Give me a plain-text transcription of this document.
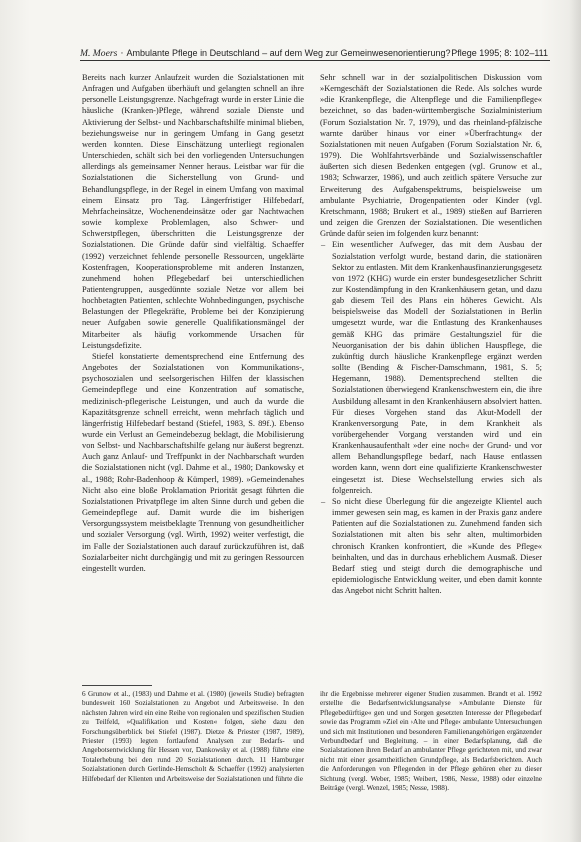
M. Moers · Ambulante Pflege in Deutschland – auf dem Weg zur Gemeinwesenorientierung? Pflege 1995; 8: 102–111

Bereits nach kurzer Anlaufzeit wurden die Sozialstationen mit Anfragen und Aufgaben überhäuft und gelangten schnell an ihre personelle Leistungsgrenze. Nachgefragt wurde in erster Linie die häusliche (Kranken-)Pflege, während soziale Dienste und Aktivierung der Selbst- und Nachbarschaftshilfe minimal blieben, beziehungsweise nur in geringem Umfang in Gang gesetzt werden konnten. Diese Einschätzung unterliegt regionalen Unterschieden, schält sich bei den vorliegenden Untersuchungen allerdings als gemeinsamer Nenner heraus. Leistbar war für die Sozialstationen die Sicherstellung von Grund- und Behandlungspflege, in der Regel in einem Umfang von maximal einem Einsatz pro Tag. Längerfristiger Hilfebedarf, Mehrfacheinsätze, Wochenendeinsätze oder gar Nachtwachen sowie komplexe Problemlagen, also Schwer- und Schwerstpflegen, überschritten die Leistungsgrenze der Sozialstationen. Die Gründe dafür sind vielfältig. Schaeffer (1992) verzeichnet fehlende personelle Ressourcen, ungeklärte Kostenfragen, Kooperationsprobleme mit anderen Instanzen, zunehmend hohen Pflegebedarf bei unterschiedlichen Patientengruppen, ausgedünnte soziale Netze vor allem bei hochbetagten Patienten, schlechte Wohnbedingungen, psychische Belastungen der Pflegekräfte, Probleme bei der Konzipierung neuer Aufgaben sowie generelle Qualifikationsmängel der Mitarbeiter als häufig vorkommende Ursachen für Leistungsdefizite.

Stiefel konstatierte dementsprechend eine Entfernung des Angebotes der Sozialstationen von Kommunikations-, psychosozialen und seelsorgerischen Hilfen der klassischen Gemeindepflege und eine Konzentration auf somatische, medizinisch-pflegerische Leistungen, und auch da wurde die Kapazitätsgrenze schnell erreicht, wenn mehrfach täglich und längerfristig Hilfebedarf bestand (Stiefel, 1983, S. 89f.). Ebenso wurde ein Verlust an Gemeindebezug beklagt, die Mobilisierung von Selbst- und Nachbarschaftshilfe gelang nur äußerst begrenzt. Auch ganz Anlauf- und Treffpunkt in der Nachbarschaft wurden die Sozialstationen nicht (vgl. Dahme et al., 1980; Dankowsky et al., 1988; Rohr-Badenhoop & Kümperl, 1989). »Gemeindenahes Nicht also eine bloße Proklamation Priorität gesagt führten die Sozialstationen Privatpflege im alten Sinne durch und geben die Gemeindepflege auf. Damit wurde die im bisherigen Versorgungssystem meistbeklagte Trennung von gesundheitlicher und sozialer Versorgung (vgl. Wirth, 1992) weiter verfestigt, die im Falle der Sozialstationen auch darauf zurückzuführen ist, daß Sozialarbeiter nicht durchgängig und mit zu geringen Ressourcen eingestellt wurden.

Sehr schnell war in der sozialpolitischen Diskussion vom »Kerngeschäft der Sozialstationen die Rede. Als solches wurde »die Krankenpflege, die Altenpflege und die Familienpflege« bezeichnet, so das baden-württembergische Sozialministerium (Forum Sozialstation Nr. 7, 1979), und das rheinland-pfälzische warnte darüber hinaus vor einer »Überfrachtung« der Sozialstationen mit neuen Aufgaben (Forum Sozialstation Nr. 6, 1979). Die Wohlfahrtsverbände und Sozialwissenschaftler äußerten sich diesen Bedenken entgegen (vgl. Grunow et al., 1983; Schwarzer, 1986), und auch zeitlich spätere Versuche zur Erweiterung des Aufgabenspektrums, beispielsweise um ambulante Psychiatrie, Drogenpatienten oder Kinder (vgl. Kretschmann, 1988; Brukert et al., 1989) stießen auf Barrieren und zeigen die Grenzen der Sozialstationen. Die wesentlichen Gründe dafür seien im folgenden kurz benannt:

– Ein wesentlicher Aufweger, das mit dem Ausbau der Sozialstation verfolgt wurde, bestand darin, die stationären Sektor zu entlasten. Mit dem Krankenhausfinanzierungsgesetz von 1972 (KHG) wurde ein erster bundesgesetzlicher Schritt zur Kostendämpfung in den Krankenhäusern getan, und dazu gab diesem Teil des Plans ein höheres Gewicht. Als beispielsweise das Modell der Sozialstationen in Berlin umgesetzt wurde, war die Entlastung des Krankenhauses gemäß KHG das primäre Gestaltungsziel für die Neuorganisation der bis dahin üblichen Hauspflege, die zukünftig durch häusliche Krankenpflege ergänzt werden sollte (Bending & Fischer-Damschmann, 1981, S. 5; Hegemann, 1988). Dementsprechend stellten die Sozialstationen überwiegend Krankenschwestern ein, die ihre Ausbildung allesamt in den Krankenhäusern absolviert hatten. Für dieses Vorgehen stand das Akut-Modell der Krankenversorgung Pate, in dem Krankheit als vorübergehender Vorgang verstanden wird und ein Krankenhausaufenthalt »der eine noch« der Grund- und vor allem Behandlungspflege bedarf, nach Hause entlassen worden kann, wenn dort eine qualifizierte Krankenschwester eingesetzt ist. Diese Wechselstellung erwies sich als folgenreich.
– So nicht diese Überlegung für die angezeigte Klientel auch immer gewesen sein mag, es kamen in der Praxis ganz andere Patienten auf die Sozialstationen zu. Zunehmend fanden sich Sozialstationen mit alten bis sehr alten, multimorbiden chronisch Kranken konfrontiert, die »Kunde des Pflege« beinhalten, und das in durchaus erheblichem Ausmaß. Dieser Bedarf stieg und steigt durch die demographische und epidemiologische Entwicklung weiter, und eben damit konnte das Angebot nicht Schritt halten.

6 Grunow et al., (1983) und Dahme et al. (1980) (jeweils Studie) befragten bundesweit 160 Sozialstationen zu Angebot und Arbeitsweise. In den nächsten Jahren wird ein eine Reihe von regionalen und spezifischen Studien zu Teilfeld, »Qualifikation und Kosten« folgen, siehe dazu den Forschungsüberblick bei Stiefel (1987). Dietze & Priester (1987, 1989), Priester (1993) legten fortlaufend Analysen zur Bedarfs- und Angebotsentwicklung für Hessen vor, Dankowsky et al. (1988) führte eine Totalerhebung bei den rund 20 Sozialstationen durch. 11 Hamburger Sozialstationen durch Gerlinde-Hemscholt & Schaeffer (1992) analysierten Hilfebedarf der Klienten und Arbeitsweise der Sozialstationen und führte die

ihr die Ergebnisse mehrerer eigener Studien zusammen. Brandt et al. 1992 erstellte die Bedarfsentwicklungsanalyse »Ambulante Dienste für Pflegebedürftige« gen und und Sorgen gesetzten Interesse der Pflegebedarf sowie das Programm »Ziel ein ›Alte und Pflege‹ ambulante Untersuchungen und sich mit Institutionen und besonderen Familienangehörigen ergänzender Verbundbedarf und Begleitung. – in einer Bedarfsplanung, daß die Sozialstationen ihren Bedarf an ambulanter Pflege gerichteten mit, und zwar nicht mit einer gesamtheitlichen Grundpflege, als Bedarfsberichten. Auch die Anforderungen von Pflegenden in der Pflege gehören eher zu dieser Sichtung (vergl. Weber, 1985; Weibert, 1986, Nesse, 1988) oder einzelne Beiträge (vergl. Wenzel, 1985; Nesse, 1988).
